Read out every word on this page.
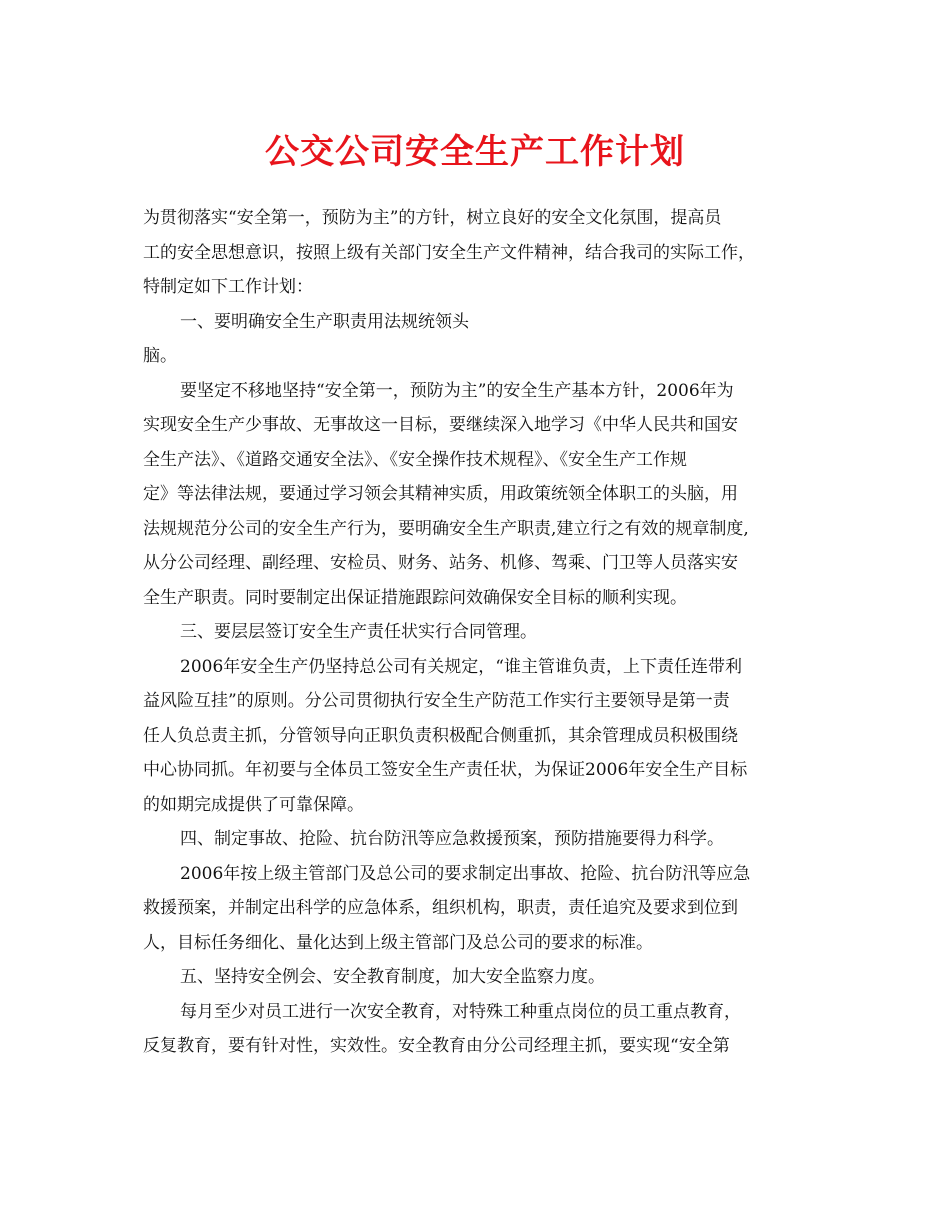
公交公司安全生产工作计划
为贯彻落实“安全第一，预防为主”的方针，树立良好的安全文化氛围，提高员
工的安全思想意识，按照上级有关部门安全生产文件精神，结合我司的实际工作，
特制定如下工作计划：
一、要明确安全生产职责用法规统领头
脑。
要坚定不移地坚持“安全第一，预防为主”的安全生产基本方针，2006年为
实现安全生产少事故、无事故这一目标，要继续深入地学习《中华人民共和国安
全生产法》、《道路交通安全法》、《安全操作技术规程》、《安全生产工作规
定》等法律法规，要通过学习领会其精神实质，用政策统领全体职工的头脑，用
法规规范分公司的安全生产行为，要明确安全生产职责,建立行之有效的规章制度,
从分公司经理、副经理、安检员、财务、站务、机修、驾乘、门卫等人员落实安
全生产职责。同时要制定出保证措施跟踪问效确保安全目标的顺利实现。
三、要层层签订安全生产责任状实行合同管理。
2006年安全生产仍坚持总公司有关规定，“谁主管谁负责，上下责任连带利
益风险互挂”的原则。分公司贯彻执行安全生产防范工作实行主要领导是第一责
任人负总责主抓，分管领导向正职负责积极配合侧重抓，其余管理成员积极围绕
中心协同抓。年初要与全体员工签安全生产责任状，为保证2006年安全生产目标
的如期完成提供了可靠保障。
四、制定事故、抢险、抗台防汛等应急救援预案，预防措施要得力科学。
2006年按上级主管部门及总公司的要求制定出事故、抢险、抗台防汛等应急
救援预案，并制定出科学的应急体系，组织机构，职责，责任追究及要求到位到
人，目标任务细化、量化达到上级主管部门及总公司的要求的标准。
五、坚持安全例会、安全教育制度，加大安全监察力度。
每月至少对员工进行一次安全教育，对特殊工种重点岗位的员工重点教育，
反复教育，要有针对性，实效性。安全教育由分公司经理主抓，要实现“安全第
